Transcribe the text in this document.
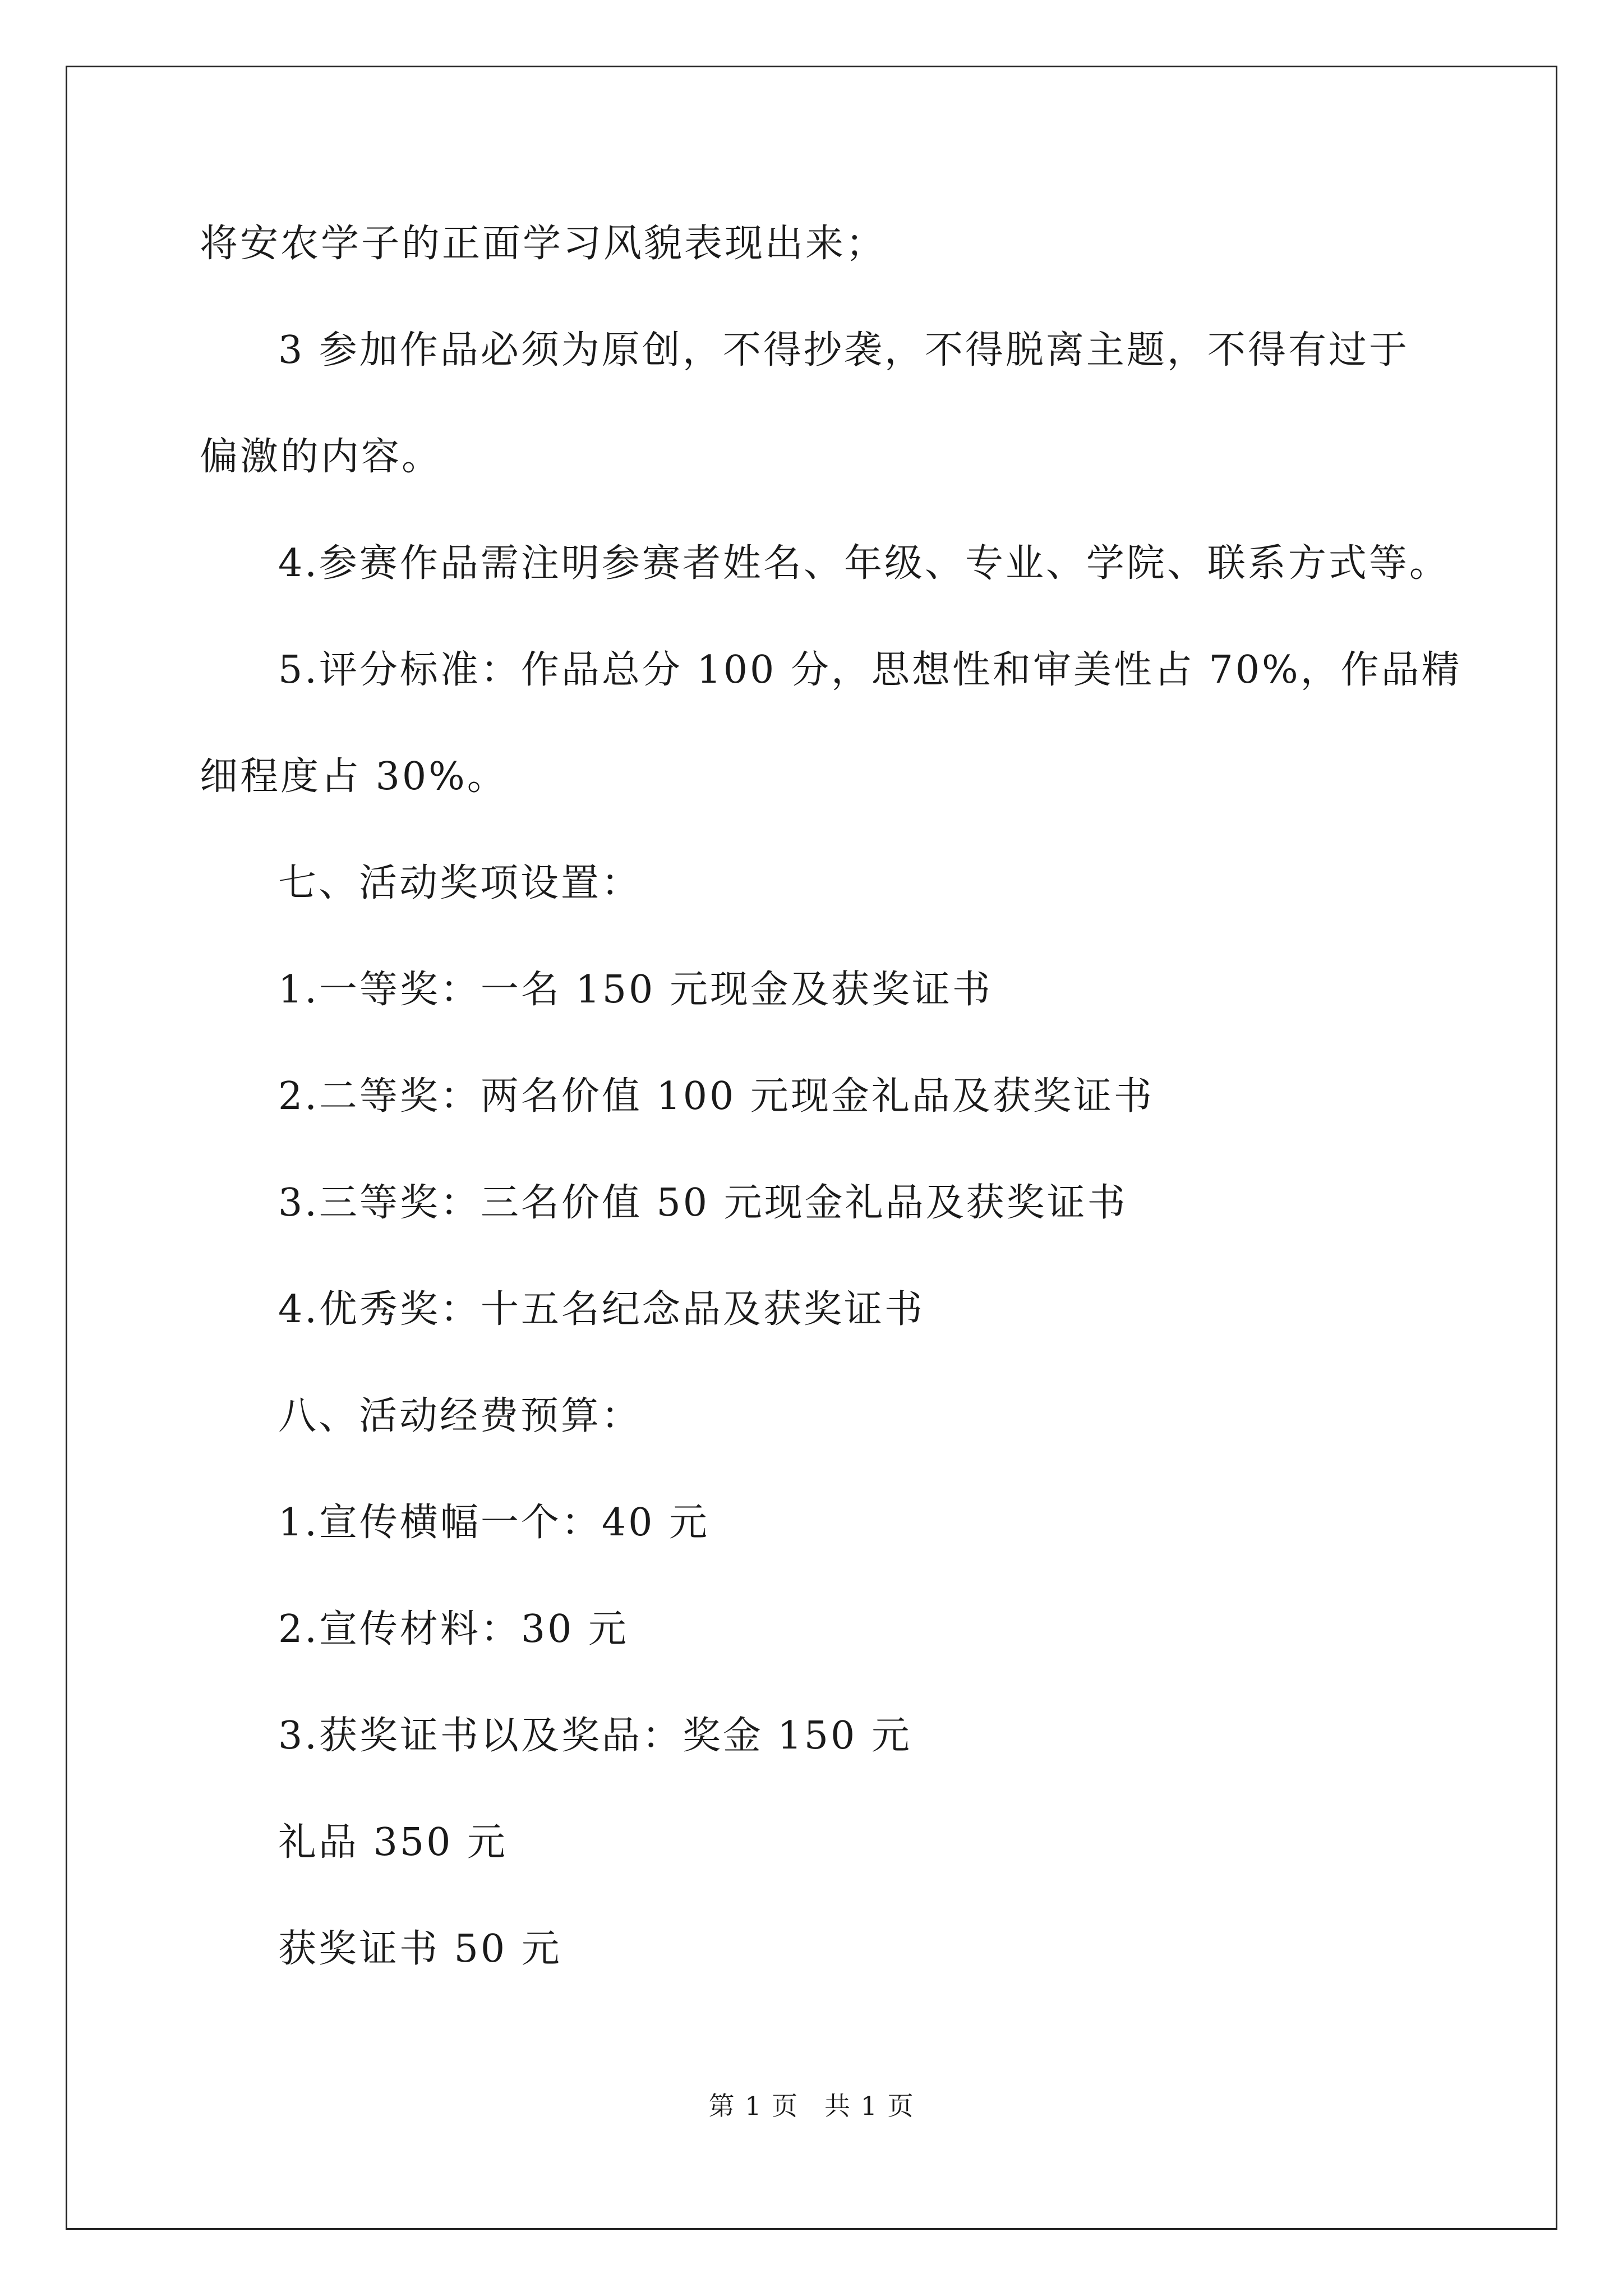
将安农学子的正面学习风貌表现出来；
3 参加作品必须为原创，不得抄袭，不得脱离主题，不得有过于
偏激的内容。
4.参赛作品需注明参赛者姓名、年级、专业、学院、联系方式等。
5.评分标准：作品总分 100 分，思想性和审美性占 70%，作品精
细程度占 30%。
七、活动奖项设置：
1.一等奖：一名 150 元现金及获奖证书
2.二等奖：两名价值 100 元现金礼品及获奖证书
3.三等奖：三名价值 50 元现金礼品及获奖证书
4.优秀奖：十五名纪念品及获奖证书
八、活动经费预算：
1.宣传横幅一个：40 元
2.宣传材料：30 元
3.获奖证书以及奖品：奖金 150 元
礼品 350 元
获奖证书 50 元
第 1 页 共 1 页
